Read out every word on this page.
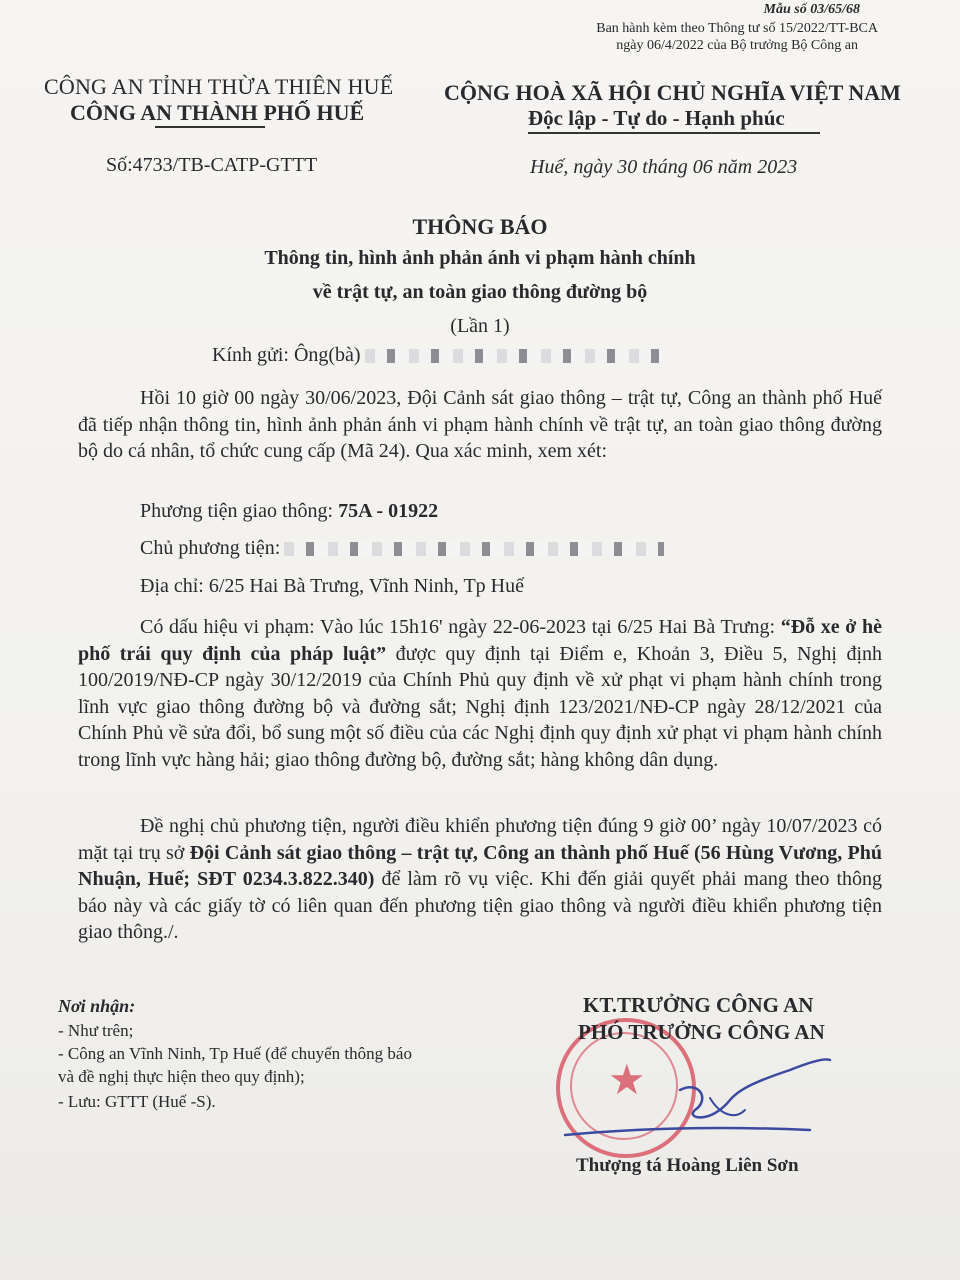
Mẫu số 03/65/68
Ban hành kèm theo Thông tư số 15/2022/TT-BCA
ngày 06/4/2022 của Bộ trưởng Bộ Công an
CÔNG AN TỈNH THỪA THIÊN HUẾ
CÔNG AN THÀNH PHỐ HUẾ
CỘNG HOÀ XÃ HỘI CHỦ NGHĨA VIỆT NAM
Độc lập - Tự do - Hạnh phúc
Số:4733/TB-CATP-GTTT	Huế, ngày 30 tháng 06 năm 2023
THÔNG BÁO
Thông tin, hình ảnh phản ánh vi phạm hành chính
về trật tự, an toàn giao thông đường bộ
(Lần 1)
Kính gửi: Ông(bà)

Hồi 10 giờ 00 ngày 30/06/2023, Đội Cảnh sát giao thông – trật tự, Công an thành phố Huế đã tiếp nhận thông tin, hình ảnh phản ánh vi phạm hành chính về trật tự, an toàn giao thông đường bộ do cá nhân, tổ chức cung cấp (Mã 24). Qua xác minh, xem xét:

Phương tiện giao thông: 75A - 01922
Chủ phương tiện:
Địa chỉ: 6/25 Hai Bà Trưng, Vĩnh Ninh, Tp Huế

Có dấu hiệu vi phạm: Vào lúc 15h16' ngày 22-06-2023 tại 6/25 Hai Bà Trưng: “Đỗ xe ở hè phố trái quy định của pháp luật” được quy định tại Điểm e, Khoản 3, Điều 5, Nghị định 100/2019/NĐ-CP ngày 30/12/2019 của Chính Phủ quy định về xử phạt vi phạm hành chính trong lĩnh vực giao thông đường bộ và đường sắt; Nghị định 123/2021/NĐ-CP ngày 28/12/2021 của Chính Phủ về sửa đổi, bổ sung một số điều của các Nghị định quy định xử phạt vi phạm hành chính trong lĩnh vực hàng hải; giao thông đường bộ, đường sắt; hàng không dân dụng.

Đề nghị chủ phương tiện, người điều khiển phương tiện đúng 9 giờ 00’ ngày 10/07/2023 có mặt tại trụ sở Đội Cảnh sát giao thông – trật tự, Công an thành phố Huế (56 Hùng Vương, Phú Nhuận, Huế; SĐT 0234.3.822.340) để làm rõ vụ việc. Khi đến giải quyết phải mang theo thông báo này và các giấy tờ có liên quan đến phương tiện giao thông và người điều khiển phương tiện giao thông./.

Nơi nhận:
- Như trên;
- Công an Vĩnh Ninh, Tp Huế (để chuyển thông báo
và đề nghị thực hiện theo quy định);
- Lưu: GTTT (Huế -S).	★
KT.TRƯỞNG CÔNG AN
PHÓ TRƯỞNG CÔNG AN
Thượng tá Hoàng Liên Sơn
